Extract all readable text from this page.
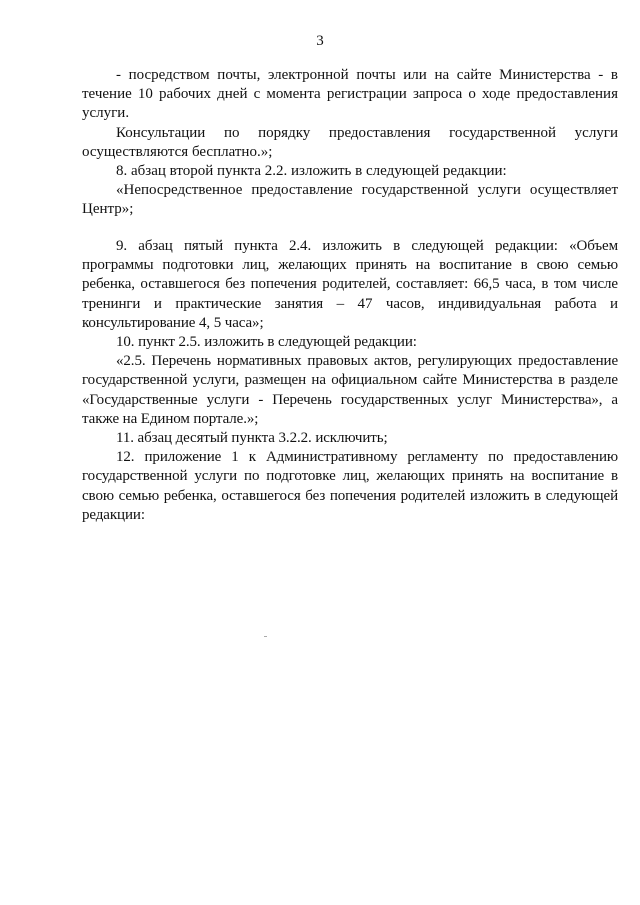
3

- посредством почты, электронной почты или на сайте Министерства - в течение 10 рабочих дней с момента регистрации запроса о ходе предоставления услуги.

Консультации по порядку предоставления государственной услуги осуществляются бесплатно.»;

8. абзац второй пункта 2.2. изложить в следующей редакции:

«Непосредственное предоставление государственной услуги осуществляет Центр»;

9. абзац пятый пункта 2.4. изложить в следующей редакции: «Объем программы подготовки лиц, желающих принять на воспитание в свою семью ребенка, оставшегося без попечения родителей, составляет: 66,5 часа, в том числе тренинги и практические занятия – 47 часов, индивидуальная работа и консультирование 4, 5 часа»;

10. пункт 2.5. изложить в следующей редакции:

«2.5. Перечень нормативных правовых актов, регулирующих предоставление государственной услуги, размещен на официальном сайте Министерства в разделе «Государственные услуги - Перечень государственных услуг Министерства», а также на Едином портале.»;

11. абзац десятый пункта 3.2.2. исключить;

12. приложение 1 к Административному регламенту по предоставлению государственной услуги по подготовке лиц, желающих принять на воспитание в свою семью ребенка, оставшегося без попечения родителей изложить в следующей редакции:
